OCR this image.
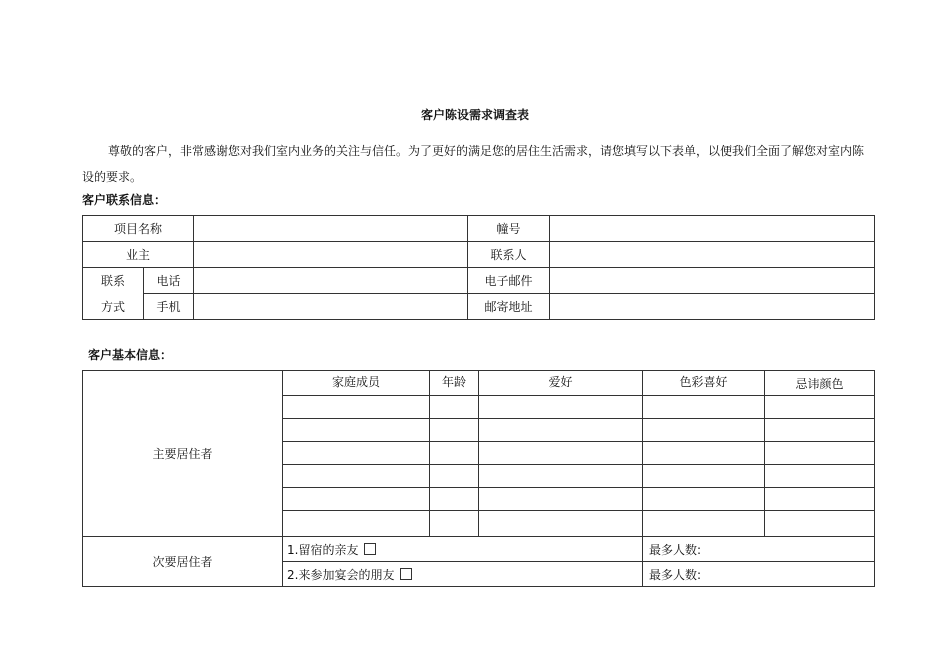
客户陈设需求调查表

尊敬的客户，非常感谢您对我们室内业务的关注与信任。为了更好的满足您的居住生活需求，请您填写以下表单，以便我们全面了解您对室内陈设的要求。

客户联系信息：
项目名称			幢号	
业主			联系人	
联系	电话		电子邮件	
方式	手机		邮寄地址	
客户基本信息：
主要居住者	家庭成员	年龄	爱好	色彩喜好	忌讳颜色

次要居住者	1.留宿的亲友			最多人数:	
	2.来参加宴会的朋友			最多人数:	
